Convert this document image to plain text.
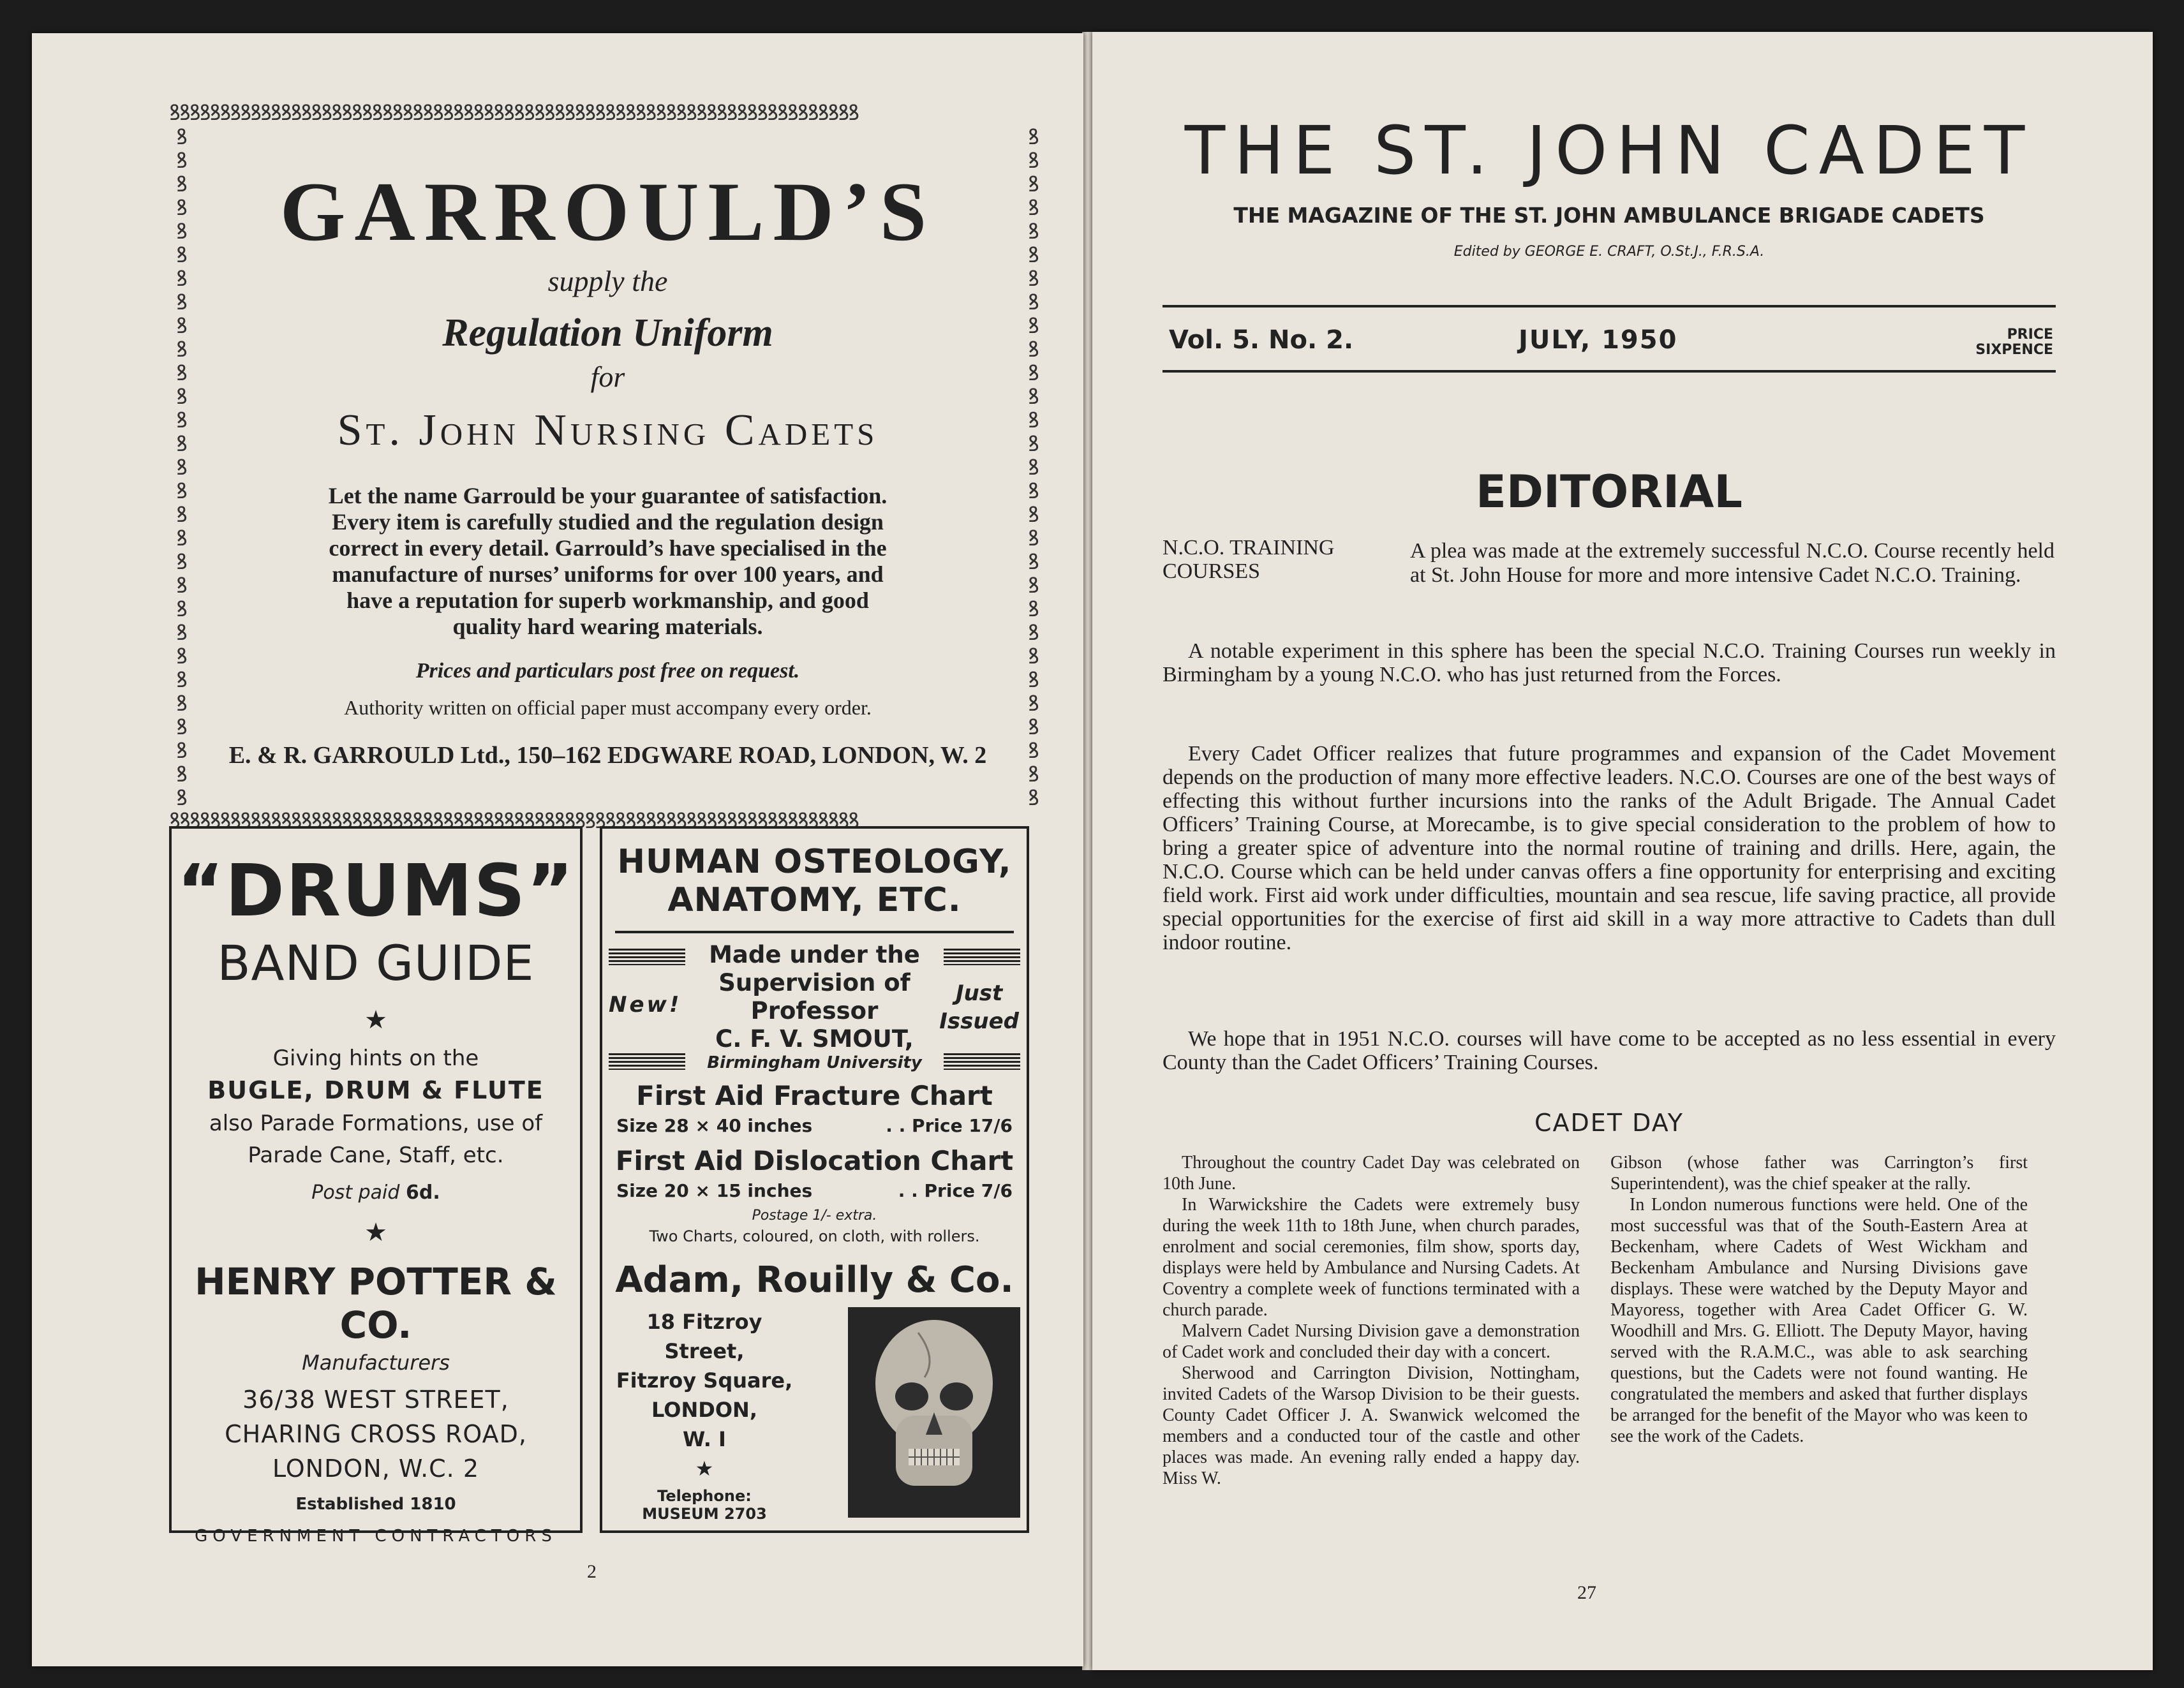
ꝸꝸꝸꝸꝸꝸꝸꝸꝸꝸꝸꝸꝸꝸꝸꝸꝸꝸꝸꝸꝸꝸꝸꝸꝸꝸꝸꝸꝸꝸꝸꝸꝸꝸꝸꝸꝸꝸꝸꝸꝸꝸꝸꝸꝸꝸꝸꝸꝸꝸꝸꝸꝸꝸꝸꝸꝸꝸꝸꝸꝸꝸꝸꝸꝸꝸꝸꝸ
ꝸꝸꝸꝸꝸꝸꝸꝸꝸꝸꝸꝸꝸꝸꝸꝸꝸꝸꝸꝸꝸꝸꝸꝸꝸꝸꝸꝸꝸꝸꝸꝸꝸꝸꝸꝸꝸꝸꝸꝸꝸꝸꝸꝸꝸꝸꝸꝸꝸꝸꝸꝸꝸꝸꝸꝸꝸꝸꝸꝸꝸꝸꝸꝸꝸꝸꝸꝸ
ꝸ
ꝸ
ꝸ
ꝸ
ꝸ
ꝸ
ꝸ
ꝸ
ꝸ
ꝸ
ꝸ
ꝸ
ꝸ
ꝸ
ꝸ
ꝸ
ꝸ
ꝸ
ꝸ
ꝸ
ꝸ
ꝸ
ꝸ
ꝸ
ꝸ
ꝸ
ꝸ
ꝸ
ꝸ
ꝸ
ꝸ
ꝸ
ꝸ
ꝸ
ꝸ
ꝸ
ꝸ
ꝸ
ꝸ
ꝸ
ꝸ
ꝸ
ꝸ
ꝸ
ꝸ
ꝸ
ꝸ
ꝸ
ꝸ
ꝸ
ꝸ
ꝸ
ꝸ
ꝸ
ꝸ
ꝸ
ꝸ
ꝸ
GARROULD’S
supply the
Regulation Uniform
for
St. John Nursing Cadets
Let the name Garrould be your guarantee of satisfaction. Every item is carefully studied and the regulation design correct in every detail. Garrould’s have specialised in the manufacture of nurses’ uniforms for over 100 years, and have a reputation for superb workmanship, and good quality hard wearing materials.
Prices and particulars post free on request.
Authority written on official paper must accompany every order.
E. & R. GARROULD Ltd., 150–162 EDGWARE ROAD, LONDON, W. 2
“DRUMS”
BAND GUIDE
★
Giving hints on the
BUGLE, DRUM & FLUTE
also Parade Formations, use of
Parade Cane, Staff, etc.
Post paid 6d.
★
HENRY POTTER & CO.
Manufacturers
36/38 WEST STREET,
CHARING CROSS ROAD,
LONDON, W.C. 2
Established 1810
GOVERNMENT CONTRACTORS
HUMAN OSTEOLOGY,
ANATOMY, ETC.
Made under the
Supervision of
Professor
C. F. V. SMOUT,
Birmingham University
New!	Just
Issued
First Aid Fracture Chart
Size 28 × 40 inches	. . Price 17/6
First Aid Dislocation Chart
Size 20 × 15 inches	. . Price 7/6
Postage 1/- extra.
Two Charts, coloured, on cloth, with rollers.
Adam, Rouilly & Co.
18 Fitzroy Street,
Fitzroy Square,
LONDON,
W. I
★
Telephone:
MUSEUM 2703
2
THE ST. JOHN CADET
THE MAGAZINE OF THE ST. JOHN AMBULANCE BRIGADE CADETS
Edited by GEORGE E. CRAFT, O.St.J., F.R.S.A.
Vol. 5. No. 2.	JULY, 1950	PRICE
SIXPENCE
EDITORIAL
N.C.O. TRAINING
COURSES
A plea was made at the extremely successful N.C.O. Course recently held at St. John House for more and more intensive Cadet N.C.O. Training.
A notable experiment in this sphere has been the special N.C.O. Training Courses run weekly in Birmingham by a young N.C.O. who has just returned from the Forces.
Every Cadet Officer realizes that future programmes and expansion of the Cadet Movement depends on the production of many more effective leaders. N.C.O. Courses are one of the best ways of effecting this without further incursions into the ranks of the Adult Brigade. The Annual Cadet Officers’ Training Course, at Morecambe, is to give special consideration to the problem of how to bring a greater spice of adventure into the normal routine of training and drills. Here, again, the N.C.O. Course which can be held under canvas offers a fine opportunity for enterprising and exciting field work. First aid work under difficulties, mountain and sea rescue, life saving practice, all provide special opportunities for the exercise of first aid skill in a way more attractive to Cadets than dull indoor routine.
We hope that in 1951 N.C.O. courses will have come to be accepted as no less essential in every County than the Cadet Officers’ Training Courses.
CADET DAY

Throughout the country Cadet Day was celebrated on 10th June.

In Warwickshire the Cadets were extremely busy during the week 11th to 18th June, when church parades, enrolment and social ceremonies, film show, sports day, displays were held by Ambulance and Nursing Cadets. At Coventry a complete week of functions terminated with a church parade.

Malvern Cadet Nursing Division gave a demonstration of Cadet work and concluded their day with a concert.

Sherwood and Carrington Division, Nottingham, invited Cadets of the Warsop Division to be their guests. County Cadet Officer J. A. Swanwick welcomed the members and a conducted tour of the castle and other places was made. An evening rally ended a happy day. Miss W.

Gibson (whose father was Carrington’s first Superintendent), was the chief speaker at the rally.

In London numerous functions were held. One of the most successful was that of the South-Eastern Area at Beckenham, where Cadets of West Wickham and Beckenham Ambulance and Nursing Divisions gave displays. These were watched by the Deputy Mayor and Mayoress, together with Area Cadet Officer G. W. Woodhill and Mrs. G. Elliott. The Deputy Mayor, having served with the R.A.M.C., was able to ask searching questions, but the Cadets were not found wanting. He congratulated the members and asked that further displays be arranged for the benefit of the Mayor who was keen to see the work of the Cadets.

27
